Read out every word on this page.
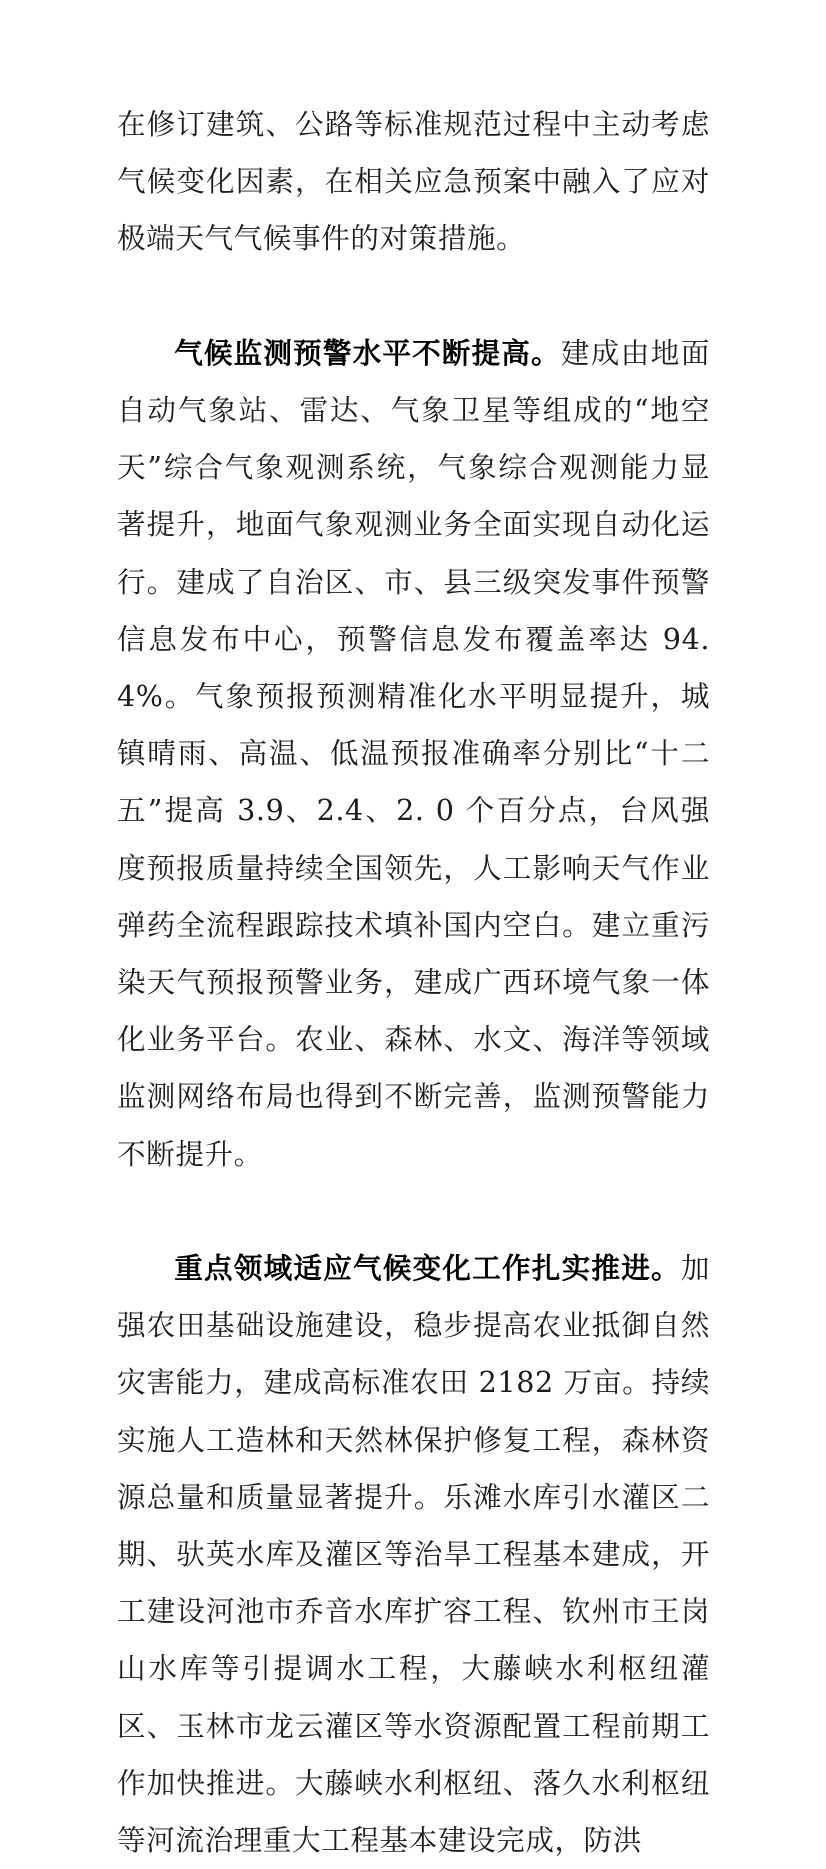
在修订建筑、公路等标准规范过程中主动考虑气候变化因素，在相关应急预案中融入了应对极端天气气候事件的对策措施。

气候监测预警水平不断提高。建成由地面自动气象站、雷达、气象卫星等组成的“地空天”综合气象观测系统，气象综合观测能力显著提升，地面气象观测业务全面实现自动化运行。建成了自治区、市、县三级突发事件预警信息发布中心，预警信息发布覆盖率达 94.4%。气象预报预测精准化水平明显提升，城镇晴雨、高温、低温预报准确率分别比“十二五”提高 3.9、2.4、2. 0 个百分点，台风强度预报质量持续全国领先，人工影响天气作业弹药全流程跟踪技术填补国内空白。建立重污染天气预报预警业务，建成广西环境气象一体化业务平台。农业、森林、水文、海洋等领域监测网络布局也得到不断完善，监测预警能力不断提升。

重点领域适应气候变化工作扎实推进。加强农田基础设施建设，稳步提高农业抵御自然灾害能力，建成高标准农田 2182 万亩。持续实施人工造林和天然林保护修复工程，森林资源总量和质量显著提升。乐滩水库引水灌区二期、驮英水库及灌区等治旱工程基本建成，开工建设河池市乔音水库扩容工程、钦州市王岗山水库等引提调水工程，大藤峡水利枢纽灌区、玉林市龙云灌区等水资源配置工程前期工作加快推进。大藤峡水利枢纽、落久水利枢纽等河流治理重大工程基本建设完成，防洪
